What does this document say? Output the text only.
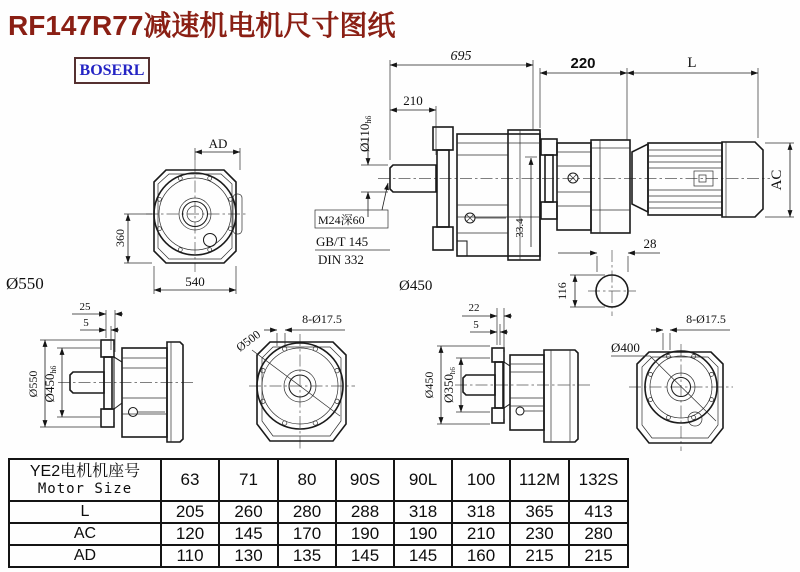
RF147R77减速机电机尺寸图纸
BOSERL
AD
360
540
Ø550	Ø450
33.4
695
210
Ø110h6
M24深60
GB/T 145
DIN 332
AC
220	L
28
116
25
5
Ø550 Ø450h6
Ø500
8-Ø17.5
22
5
Ø450 Ø350h6
Ø400
8-Ø17.5
YE2电机机座号
Motor Size	63	71	80	90S	90L	100	112M	132S
L	205	260	280	288	318	318	365	413
AC	120	145	170	190	190	210	230	280
AD	110	130	135	145	145	160	215	215
